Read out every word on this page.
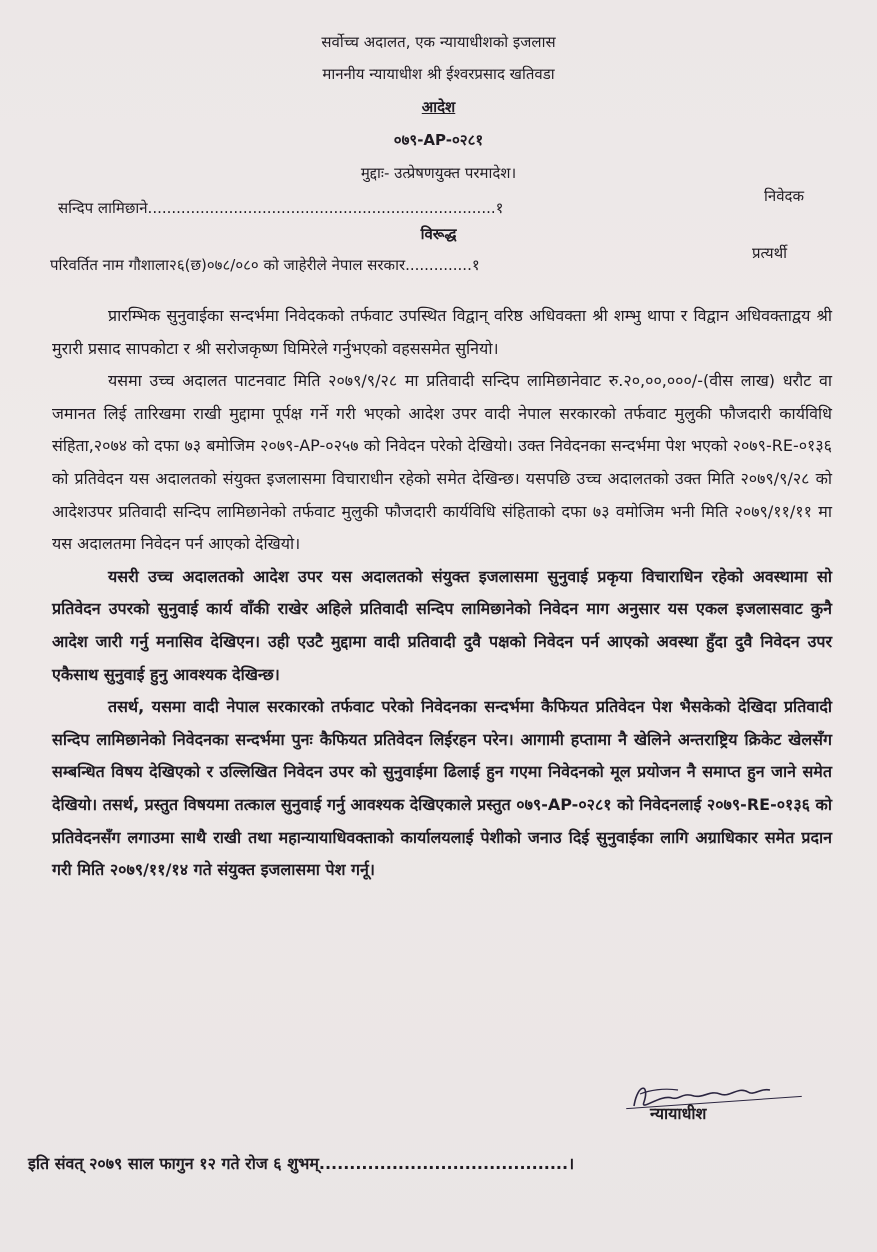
सर्वोच्च अदालत, एक न्यायाधीशको इजलास
माननीय न्यायाधीश श्री ईश्वरप्रसाद खतिवडा
आदेश
०७९-AP-०२८१
मुद्दाः- उत्प्रेषणयुक्त परमादेश।
सन्दिप लामिछाने.........................................................................१
निवेदक
विरूद्ध
परिवर्तित नाम गौशाला२६(छ)०७८/०८० को जाहेरीले नेपाल सरकार..............१
प्रत्यर्थी

प्रारम्भिक सुनुवाईका सन्दर्भमा निवेदकको तर्फवाट उपस्थित विद्वान् वरिष्ठ अधिवक्ता श्री शम्भु थापा र विद्वान अधिवक्ताद्वय श्री मुरारी प्रसाद सापकोटा र श्री सरोजकृष्ण घिमिरेले गर्नुभएको वहससमेत सुनियो।

यसमा उच्च अदालत पाटनवाट मिति २०७९/९/२८ मा प्रतिवादी सन्दिप लामिछानेवाट रु.२०,००,०००/-(वीस लाख) धरौट वा जमानत लिई तारिखमा राखी मुद्दामा पूर्पक्ष गर्ने गरी भएको आदेश उपर वादी नेपाल सरकारको तर्फवाट मुलुकी फौजदारी कार्यविधि संहिता,२०७४ को दफा ७३ बमोजिम २०७९-AP-०२५७ को निवेदन परेको देखियो। उक्त निवेदनका सन्दर्भमा पेश भएको २०७९-RE-०१३६ को प्रतिवेदन यस अदालतको संयुक्त इजलासमा विचाराधीन रहेको समेत देखिन्छ। यसपछि उच्च अदालतको उक्त मिति २०७९/९/२८ को आदेशउपर प्रतिवादी सन्दिप लामिछानेको तर्फवाट मुलुकी फौजदारी कार्यविधि संहिताको दफा ७३ वमोजिम भनी मिति २०७९/११/११ मा यस अदालतमा निवेदन पर्न आएको देखियो।

यसरी उच्च अदालतको आदेश उपर यस अदालतको संयुक्त इजलासमा सुनुवाई प्रकृया विचाराधिन रहेको अवस्थामा सो प्रतिवेदन उपरको सुनुवाई कार्य वाँकी राखेर अहिले प्रतिवादी सन्दिप लामिछानेको निवेदन माग अनुसार यस एकल इजलासवाट कुनै आदेश जारी गर्नु मनासिव देखिएन। उही एउटै मुद्दामा वादी प्रतिवादी दुवै पक्षको निवेदन पर्न आएको अवस्था हुँदा दुवै निवेदन उपर एकैसाथ सुनुवाई हुनु आवश्यक देखिन्छ।

तसर्थ, यसमा वादी नेपाल सरकारको तर्फवाट परेको निवेदनका सन्दर्भमा कैफियत प्रतिवेदन पेश भैसकेको देखिदा प्रतिवादी सन्दिप लामिछानेको निवेदनका सन्दर्भमा पुनः कैफियत प्रतिवेदन लिईरहन परेन। आगामी हप्तामा नै खेलिने अन्तराष्ट्रिय क्रिकेट खेलसँग सम्बन्धित विषय देखिएको र उल्लिखित निवेदन उपर को सुनुवाईमा ढिलाई हुन गएमा निवेदनको मूल प्रयोजन नै समाप्त हुन जाने समेत देखियो। तसर्थ, प्रस्तुत विषयमा तत्काल सुनुवाई गर्नु आवश्यक देखिएकाले प्रस्तुत ०७९-AP-०२८१ को निवेदनलाई २०७९-RE-०१३६ को प्रतिवेदनसँग लगाउमा साथै राखी तथा महान्यायाधिवक्ताको कार्यालयलाई पेशीको जनाउ दिई सुनुवाईका लागि अग्राधिकार समेत प्रदान गरी मिति २०७९/११/१४ गते संयुक्त इजलासमा पेश गर्नू।

न्यायाधीश
इति संवत् २०७९ साल फागुन १२ गते रोज ६ शुभम्.........................................।
